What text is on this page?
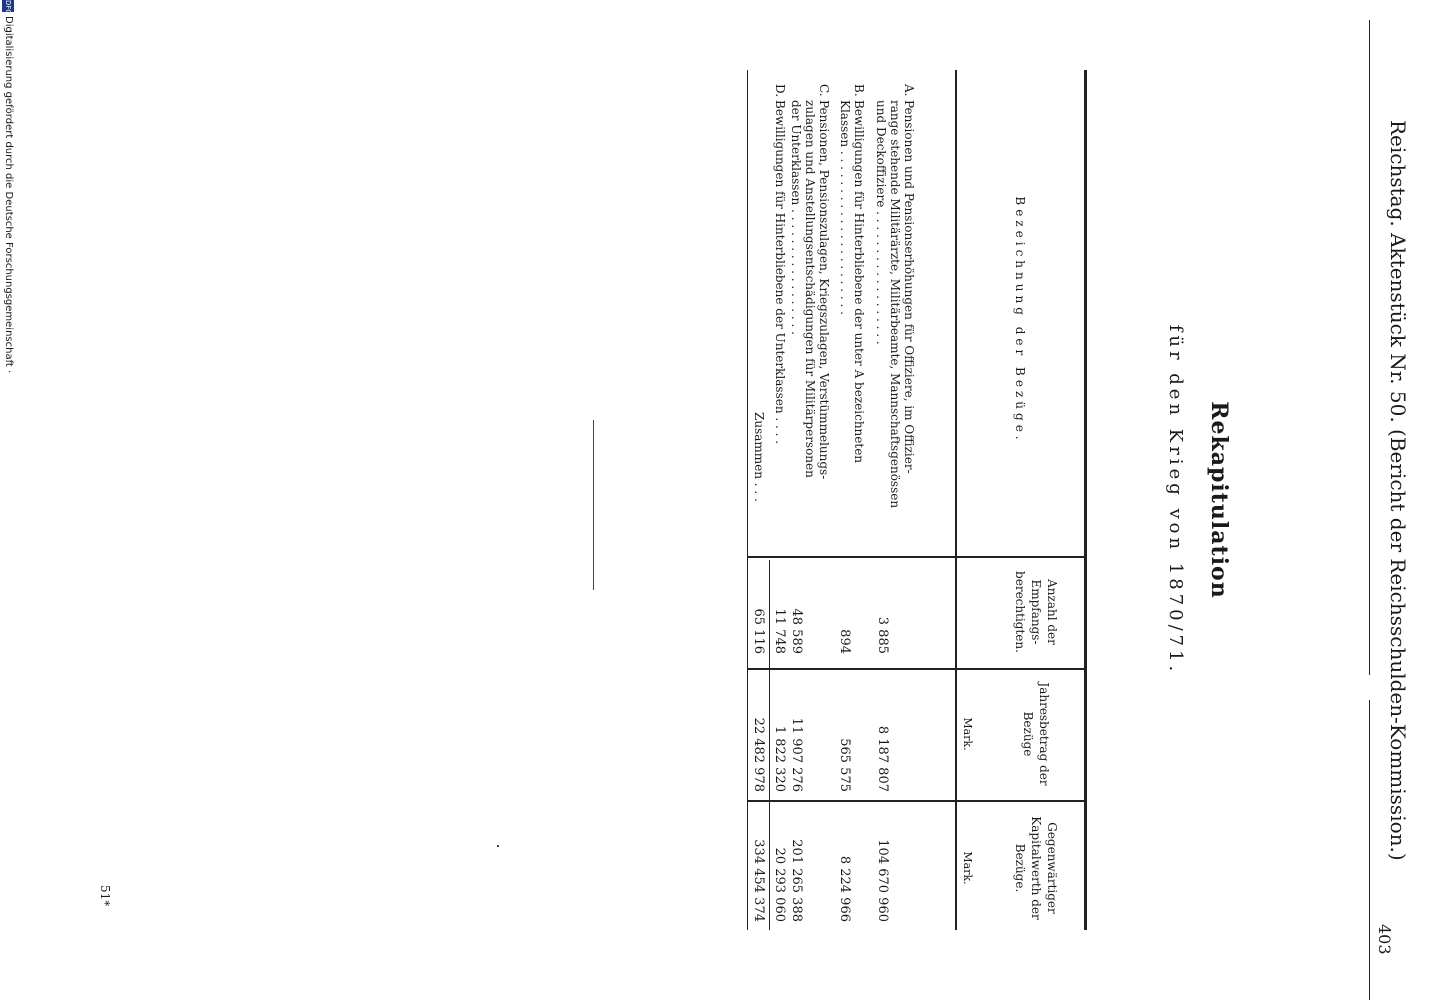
Reichstag. Aktenstück Nr. 50. (Bericht der Reichsschulden-Kommission.)
403
Rekapitulation
für den Krieg von 1870/71.
Bezeichnung der Bezüge.
Anzahl der Empfangs- berechtigten.
Jahresbetrag der Bezüge
Gegenwärtiger Kapitalwerth der Bezüge.
Mark.
Mark.
A.
Pensionen und Pensionserhöhungen für Offiziere, im Offizier-
range stehende Militärärzte, Militärbeamte, Mannschaftsgenössen
und Deckoffiziere . . . . . . . . . . . . . . . . . .
3 885
8 187 807
104 670 960
B.
Bewilligungen für Hinterbliebene der unter A bezeichneten
Klassen . . . . . . . . . . . . . . . . . . . . . .
894
565 575
8 224 966
C.
Pensionen, Pensionszulagen, Kriegszulagen, Verstümmelungs-
zulagen und Anstellungsentschädigungen für Militärpersonen
der Unterklassen . . . . . . . . . . . . . . . . .
48 589
11 907 276
201 265 388
D.
Bewilligungen für Hinterbliebene der Unterklassen . . . .
11 748
1 822 320
20 293 060
Zusammen . . .
65 116
22 482 978
334 454 374
51*
DFG
Digitalisierung gefördert durch die Deutsche Forschungsgemeinschaft ·
